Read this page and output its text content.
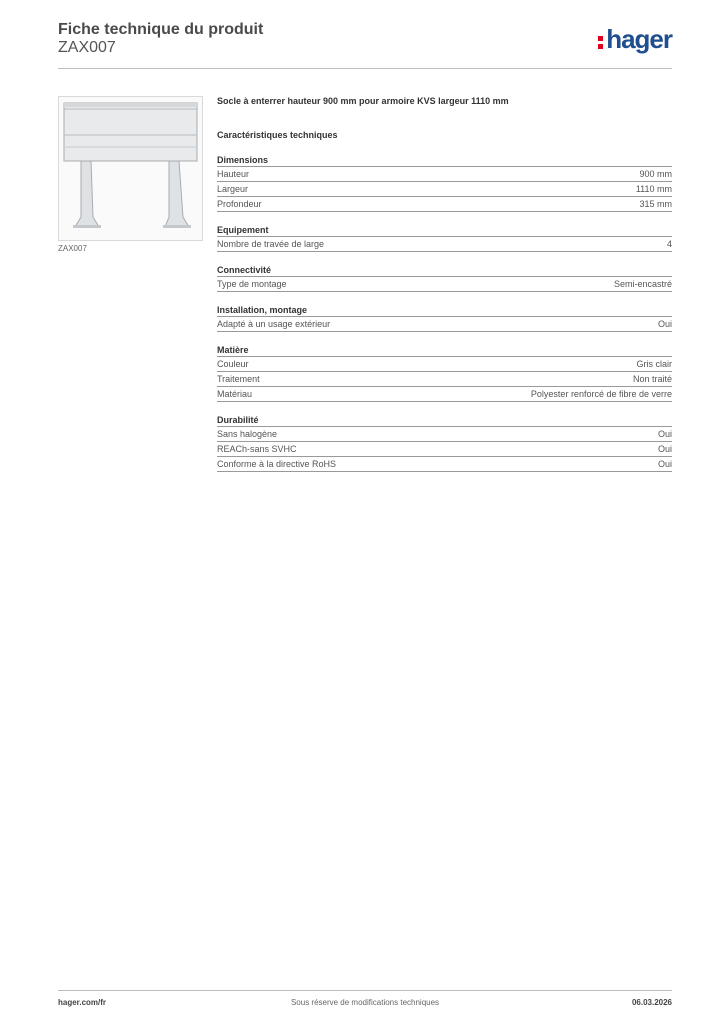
Fiche technique du produit
ZAX007	hager
ZAX007
Socle à enterrer hauteur 900 mm pour armoire KVS largeur 1110 mm
Caractéristiques techniques
Dimensions
Hauteur	900 mm
Largeur	1110 mm
Profondeur	315 mm
Equipement
Nombre de travée de large	4
Connectivité
Type de montage	Semi-encastré
Installation, montage
Adapté à un usage extérieur	Oui
Matière
Couleur	Gris clair
Traitement	Non traité
Matériau	Polyester renforcé de fibre de verre
Durabilité
Sans halogène	Oui
REACh-sans SVHC	Oui
Conforme à la directive RoHS	Oui
hager.com/fr	Sous réserve de modifications techniques	06.03.2026
